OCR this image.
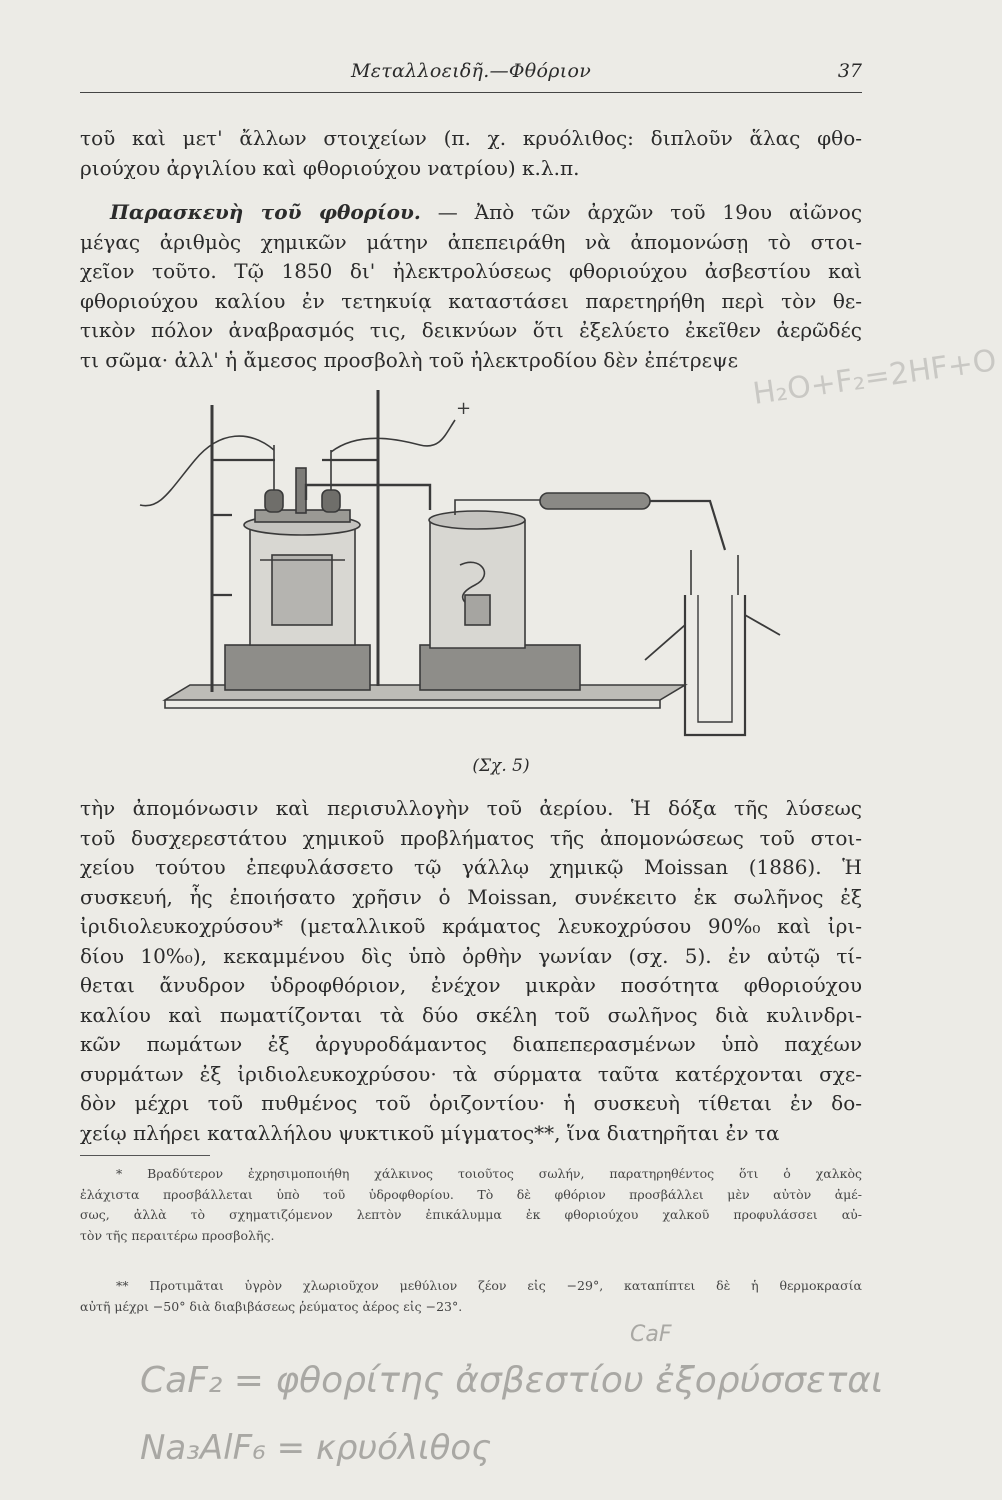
Μεταλλοειδῆ.—Φθόριον	37
τοῦ καὶ μετ' ἄλλων στοιχείων (π. χ. κρυόλιθος: διπλοῦν ἅλας φθο-
ριούχου ἀργιλίου καὶ φθοριούχου νατρίου) κ.λ.π.
Παρασκευὴ τοῦ φθορίου. — Ἀπὸ τῶν ἀρχῶν τοῦ 19ου αἰῶνος
μέγας ἀριθμὸς χημικῶν μάτην ἀπεπειράθη νὰ ἀπομονώσῃ τὸ στοι-
χεῖον τοῦτο. Τῷ 1850 δι' ἠλεκτρολύσεως φθοριούχου ἀσβεστίου καὶ
φθοριούχου καλίου ἐν τετηκυίᾳ καταστάσει παρετηρήθη περὶ τὸν θε-
τικὸν πόλον ἀναβρασμός τις, δεικνύων ὅτι ἐξελύετο ἐκεῖθεν ἀερῶδές
τι σῶμα· ἀλλ' ἡ ἄμεσος προσβολὴ τοῦ ἠλεκτροδίου δὲν ἐπέτρεψε H₂O+F₂=2HF+O
+
(Σχ. 5)
τὴν ἀπομόνωσιν καὶ περισυλλογὴν τοῦ ἀερίου. Ἡ δόξα τῆς λύσεως
τοῦ δυσχερεστάτου χημικοῦ προβλήματος τῆς ἀπομονώσεως τοῦ στοι-
χείου τούτου ἐπεφυλάσσετο τῷ γάλλῳ χημικῷ Moissan (1886). Ἡ
συσκευή, ἧς ἐποιήσατο χρῆσιν ὁ Moissan, συνέκειτο ἐκ σωλῆνος ἐξ
ἰριδιολευκοχρύσου* (μεταλλικοῦ κράματος λευκοχρύσου 90%₀ καὶ ἰρι-
δίου 10%₀), κεκαμμένου δὶς ὑπὸ ὀρθὴν γωνίαν (σχ. 5). ἐν αὐτῷ τί-
θεται ἄνυδρον ὑδροφθόριον, ἐνέχον μικρὰν ποσότητα φθοριούχου
καλίου καὶ πωματίζονται τὰ δύο σκέλη τοῦ σωλῆνος διὰ κυλινδρι-
κῶν πωμάτων ἐξ ἀργυροδάμαντος διαπεπερασμένων ὑπὸ παχέων
συρμάτων ἐξ ἰριδιολευκοχρύσου· τὰ σύρματα ταῦτα κατέρχονται σχε-
δὸν μέχρι τοῦ πυθμένος τοῦ ὁριζοντίου· ἡ συσκευὴ τίθεται ἐν δο-
χείῳ πλήρει καταλλήλου ψυκτικοῦ μίγματος**, ἵνα διατηρῆται ἐν τα
* Βραδύτερον ἐχρησιμοποιήθη χάλκινος τοιοῦτος σωλήν, παρατηρηθέντος ὅτι ὁ χαλκὸς
ἐλάχιστα προσβάλλεται ὑπὸ τοῦ ὑδροφθορίου. Τὸ δὲ φθόριον προσβάλλει μὲν αὐτὸν ἀμέ-
σως, ἀλλὰ τὸ σχηματιζόμενον λεπτὸν ἐπικάλυμμα ἐκ φθοριούχου χαλκοῦ προφυλάσσει αὐ-
τὸν τῆς περαιτέρω προσβολῆς.
** Προτιμᾶται ὑγρὸν χλωριοῦχον μεθύλιον ζέον εἰς −29°, καταπίπτει δὲ ἡ θερμοκρασία
αὐτῆ μέχρι −50° διὰ διαβιβάσεως ῥεύματος ἀέρος εἰς −23°.
CaF
CaF₂ = φθορίτης ἀσβεστίου ἐξορύσσεται
Na₃AlF₆ = κρυόλιθος
